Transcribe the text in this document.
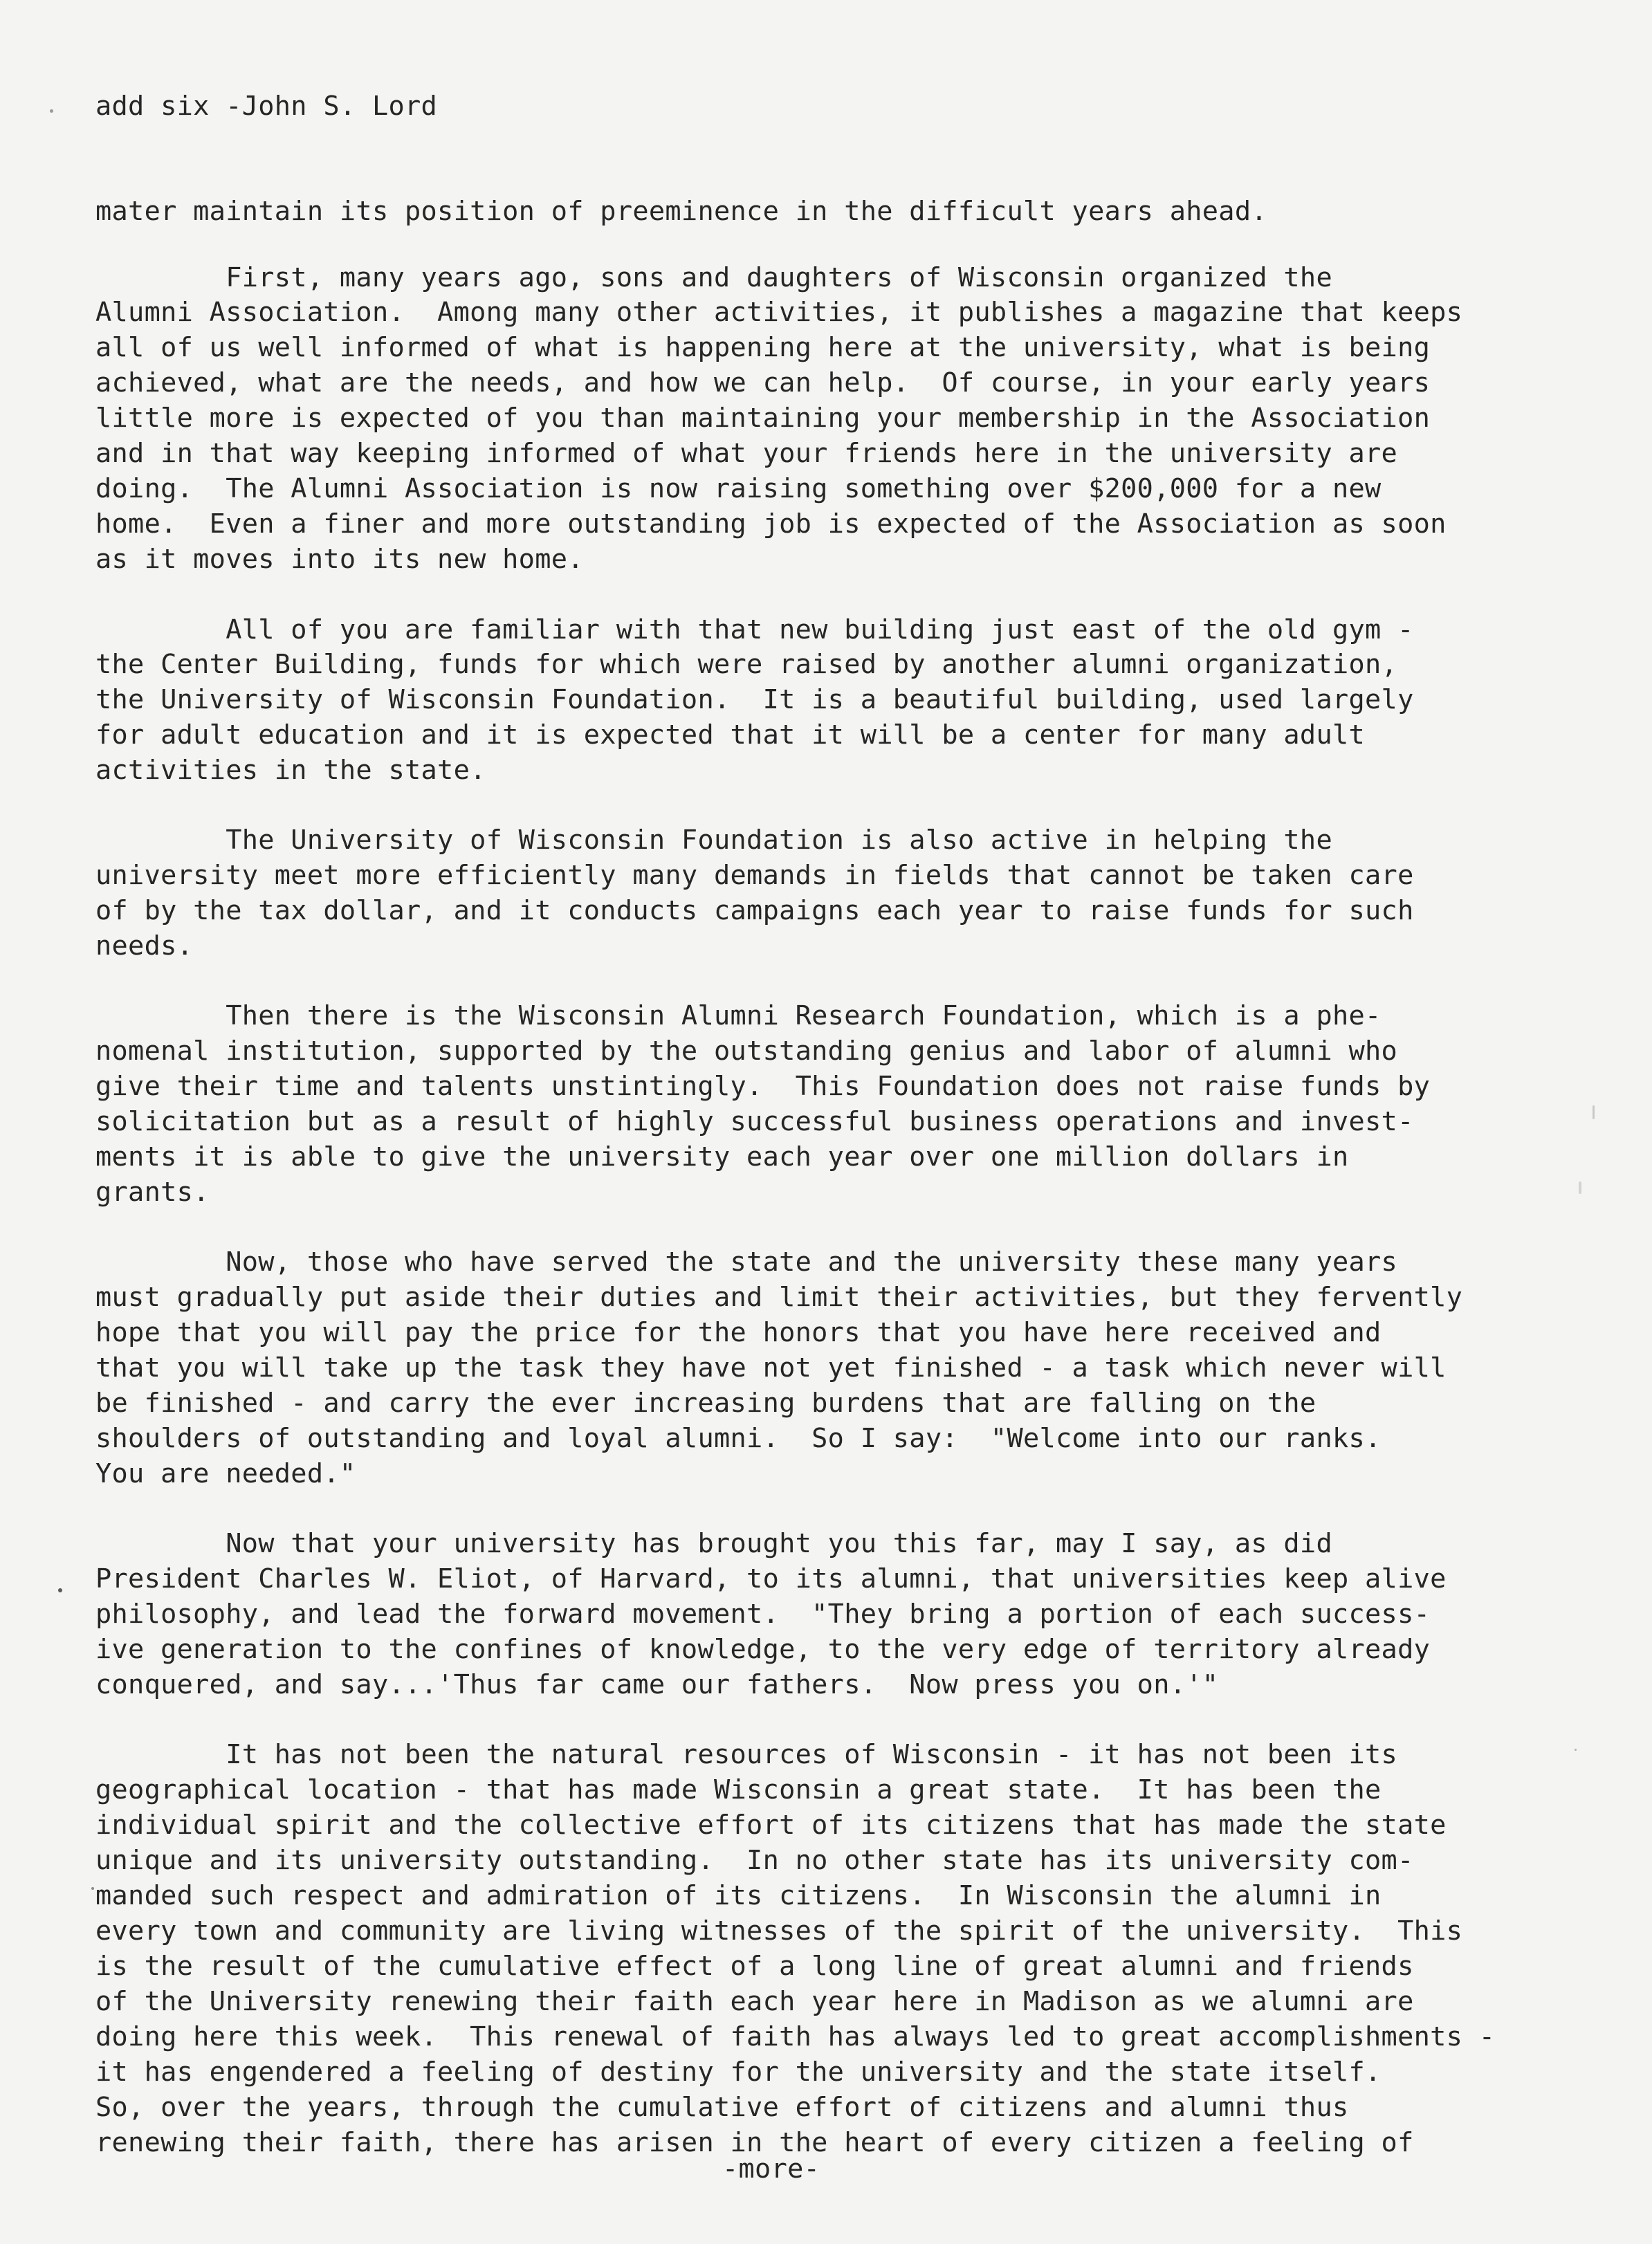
add six -John S. Lord
mater maintain its position of preeminence in the difficult years ahead.
First, many years ago, sons and daughters of Wisconsin organized the
Alumni Association.  Among many other activities, it publishes a magazine that keeps
all of us well informed of what is happening here at the university, what is being
achieved, what are the needs, and how we can help.  Of course, in your early years
little more is expected of you than maintaining your membership in the Association
and in that way keeping informed of what your friends here in the university are
doing.  The Alumni Association is now raising something over $200,000 for a new
home.  Even a finer and more outstanding job is expected of the Association as soon
as it moves into its new home.
All of you are familiar with that new building just east of the old gym -
the Center Building, funds for which were raised by another alumni organization,
the University of Wisconsin Foundation.  It is a beautiful building, used largely
for adult education and it is expected that it will be a center for many adult
activities in the state.
The University of Wisconsin Foundation is also active in helping the
university meet more efficiently many demands in fields that cannot be taken care
of by the tax dollar, and it conducts campaigns each year to raise funds for such
needs.
Then there is the Wisconsin Alumni Research Foundation, which is a phe-
nomenal institution, supported by the outstanding genius and labor of alumni who
give their time and talents unstintingly.  This Foundation does not raise funds by
solicitation but as a result of highly successful business operations and invest-
ments it is able to give the university each year over one million dollars in
grants.
Now, those who have served the state and the university these many years
must gradually put aside their duties and limit their activities, but they fervently
hope that you will pay the price for the honors that you have here received and
that you will take up the task they have not yet finished - a task which never will
be finished - and carry the ever increasing burdens that are falling on the
shoulders of outstanding and loyal alumni.  So I say:  "Welcome into our ranks.
You are needed."
Now that your university has brought you this far, may I say, as did
President Charles W. Eliot, of Harvard, to its alumni, that universities keep alive
philosophy, and lead the forward movement.  "They bring a portion of each success-
ive generation to the confines of knowledge, to the very edge of territory already
conquered, and say...'Thus far came our fathers.  Now press you on.'"
It has not been the natural resources of Wisconsin - it has not been its
geographical location - that has made Wisconsin a great state.  It has been the
individual spirit and the collective effort of its citizens that has made the state
unique and its university outstanding.  In no other state has its university com-
manded such respect and admiration of its citizens.  In Wisconsin the alumni in
every town and community are living witnesses of the spirit of the university.  This
is the result of the cumulative effect of a long line of great alumni and friends
of the University renewing their faith each year here in Madison as we alumni are
doing here this week.  This renewal of faith has always led to great accomplishments -
it has engendered a feeling of destiny for the university and the state itself.
So, over the years, through the cumulative effort of citizens and alumni thus
renewing their faith, there has arisen in the heart of every citizen a feeling of
-more-
